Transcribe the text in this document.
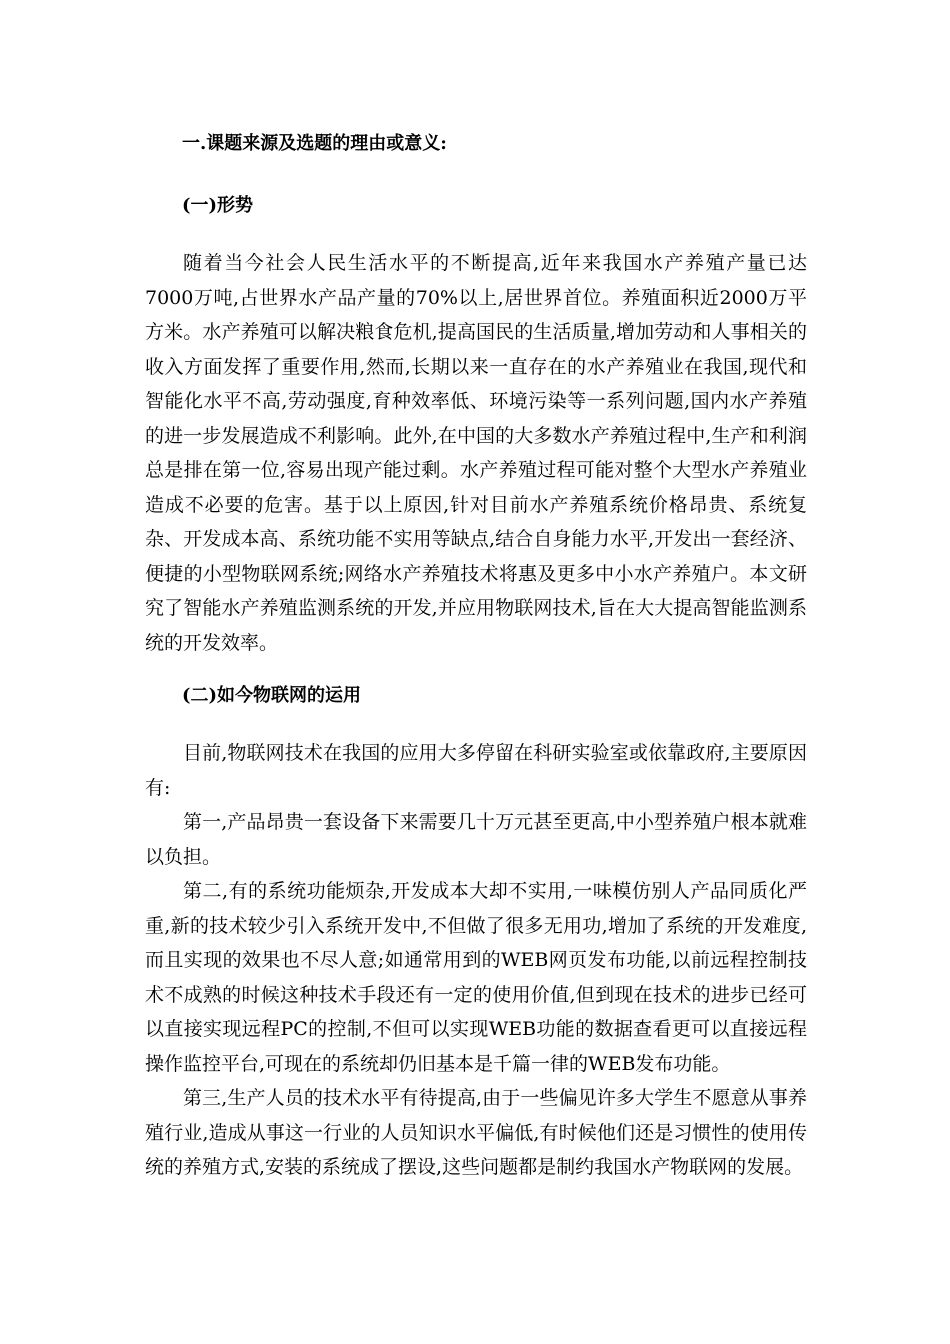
一.课题来源及选题的理由或意义:
(一)形势

随着当今社会人民生活水平的不断提高,近年来我国水产养殖产量已达7000万吨,占世界水产品产量的70%以上,居世界首位。养殖面积近2000万平方米。水产养殖可以解决粮食危机,提高国民的生活质量,增加劳动和人事相关的收入方面发挥了重要作用,然而,长期以来一直存在的水产养殖业在我国,现代和智能化水平不高,劳动强度,育种效率低、环境污染等一系列问题,国内水产养殖的进一步发展造成不利影响。此外,在中国的大多数水产养殖过程中,生产和利润总是排在第一位,容易出现产能过剩。水产养殖过程可能对整个大型水产养殖业造成不必要的危害。基于以上原因,针对目前水产养殖系统价格昂贵、系统复杂、开发成本高、系统功能不实用等缺点,结合自身能力水平,开发出一套经济、便捷的小型物联网系统;网络水产养殖技术将惠及更多中小水产养殖户。本文研究了智能水产养殖监测系统的开发,并应用物联网技术,旨在大大提高智能监测系统的开发效率。

(二)如今物联网的运用

目前,物联网技术在我国的应用大多停留在科研实验室或依靠政府,主要原因有:

第一,产品昂贵一套设备下来需要几十万元甚至更高,中小型养殖户根本就难以负担。

第二,有的系统功能烦杂,开发成本大却不实用,一味模仿别人产品同质化严重,新的技术较少引入系统开发中,不但做了很多无用功,增加了系统的开发难度,而且实现的效果也不尽人意;如通常用到的WEB网页发布功能,以前远程控制技术不成熟的时候这种技术手段还有一定的使用价值,但到现在技术的进步已经可以直接实现远程PC的控制,不但可以实现WEB功能的数据查看更可以直接远程操作监控平台,可现在的系统却仍旧基本是千篇一律的WEB发布功能。

第三,生产人员的技术水平有待提高,由于一些偏见许多大学生不愿意从事养殖行业,造成从事这一行业的人员知识水平偏低,有时候他们还是习惯性的使用传统的养殖方式,安装的系统成了摆设,这些问题都是制约我国水产物联网的发展。
